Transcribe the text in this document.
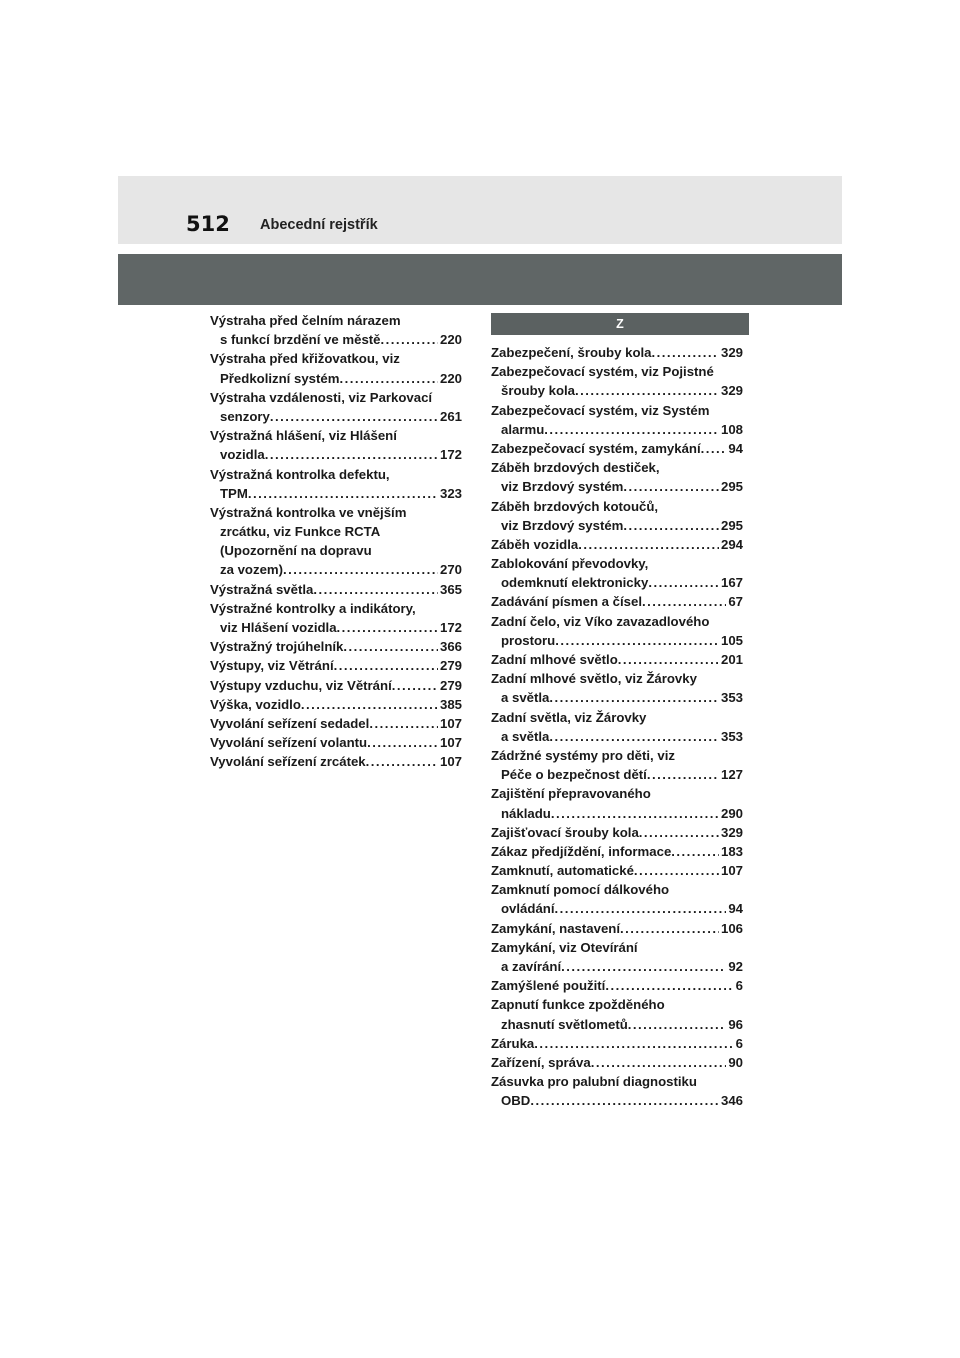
512 Abecední rejstřík
Výstraha před čelním nárazem
s funkcí brzdění ve městě . . .	220
Výstraha před křižovatkou, viz
Předkolizní systém . . .	220
Výstraha vzdálenosti, viz Parkovací
senzory . . .	261
Výstražná hlášení, viz Hlášení
vozidla . . .	172
Výstražná kontrolka defektu,
TPM . . .	323
Výstražná kontrolka ve vnějším
zrcátku, viz Funkce RCTA
(Upozornění na dopravu
za vozem) . . .	270
Výstražná světla . . .	365
Výstražné kontrolky a indikátory,
viz Hlášení vozidla . . .	172
Výstražný trojúhelník . . .	366
Výstupy, viz Větrání . . .	279
Výstupy vzduchu, viz Větrání . . .	279
Výška, vozidlo . . .	385
Vyvolání seřízení sedadel . . .	107
Vyvolání seřízení volantu . . .	107
Vyvolání seřízení zrcátek . . .	107
Z
Zabezpečení, šrouby kola . . .	329
Zabezpečovací systém, viz Pojistné
šrouby kola . . .	329
Zabezpečovací systém, viz Systém
alarmu . . .	108
Zabezpečovací systém, zamykání . . . 94
Záběh brzdových destiček,
viz Brzdový systém . . .	295
Záběh brzdových kotoučů,
viz Brzdový systém . . .	295
Záběh vozidla . . .	294
Zablokování převodovky,
odemknutí elektronicky . . .	167
Zadávání písmen a čísel . . .	67
Zadní čelo, viz Víko zavazadlového
prostoru . . .	105
Zadní mlhové světlo . . .	201
Zadní mlhové světlo, viz Žárovky
a světla . . .	353
Zadní světla, viz Žárovky
a světla . . .	353
Zádržné systémy pro děti, viz
Péče o bezpečnost dětí . . .	127
Zajištění přepravovaného
nákladu . . .	290
Zajišťovací šrouby kola . . .	329
Zákaz předjíždění, informace . . .	183
Zamknutí, automatické . . .	107
Zamknutí pomocí dálkového
ovládání . . .	94
Zamykání, nastavení . . .	106
Zamykání, viz Otevírání
a zavírání . . .	92
Zamýšlené použití . . .	6
Zapnutí funkce zpožděného
zhasnutí světlometů . . .	96
Záruka . . .	6
Zařízení, správa . . .	90
Zásuvka pro palubní diagnostiku
OBD . . .	346
